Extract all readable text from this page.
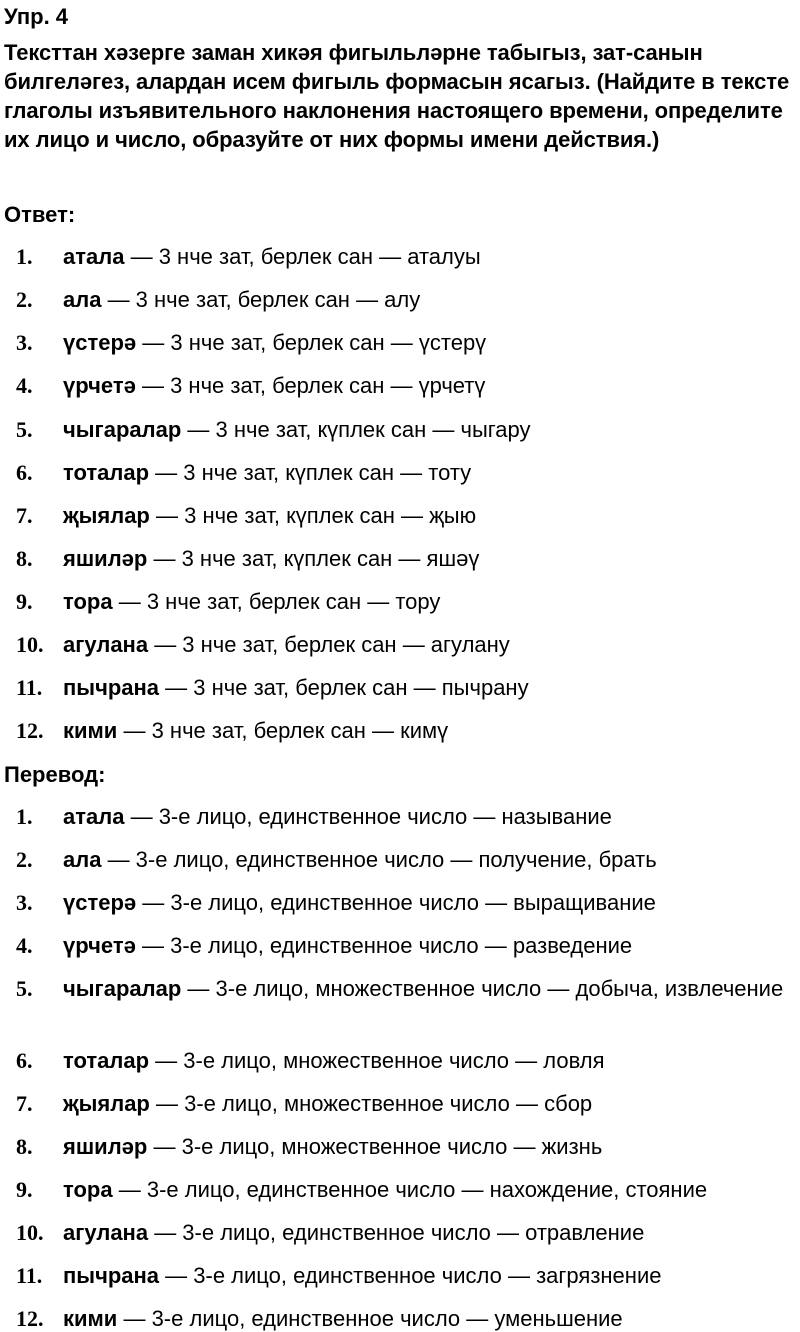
Упр. 4
Тексттан хәзерге заман хикәя фигыльләрне табыгыз, зат-санын билгеләгез, алардан исем фигыль формасын ясагыз. (Найдите в тексте глаголы изъявительного наклонения настоящего времени, определите их лицо и число, образуйте от них формы имени действия.)
Ответ:
1.	атала — 3 нче зат, берлек сан — аталуы
2.	ала — 3 нче зат, берлек сан — алу
3.	үстерә — 3 нче зат, берлек сан — үстерү
4.	үрчетә — 3 нче зат, берлек сан — үрчетү
5.	чыгаралар — 3 нче зат, күплек сан — чыгару
6.	тоталар — 3 нче зат, күплек сан — тоту
7.	җыялар — 3 нче зат, күплек сан — җыю
8.	яшиләр — 3 нче зат, күплек сан — яшәү
9.	тора — 3 нче зат, берлек сан — тору
10. агулана — 3 нче зат, берлек сан — агулану
11. пычрана — 3 нче зат, берлек сан — пычрану
12. кими — 3 нче зат, берлек сан — кимү
Перевод:
1.	атала — 3-е лицо, единственное число — называние
2.	ала — 3-е лицо, единственное число — получение, брать
3.	үстерә — 3-е лицо, единственное число — выращивание
4.	үрчетә — 3-е лицо, единственное число — разведение
5.	чыгаралар — 3-е лицо, множественное число — добыча, извлечение
6.	тоталар — 3-е лицо, множественное число — ловля
7.	җыялар — 3-е лицо, множественное число — сбор
8.	яшиләр — 3-е лицо, множественное число — жизнь
9.	тора — 3-е лицо, единственное число — нахождение, стояние
10. агулана — 3-е лицо, единственное число — отравление
11. пычрана — 3-е лицо, единственное число — загрязнение
12. кими — 3-е лицо, единственное число — уменьшение
